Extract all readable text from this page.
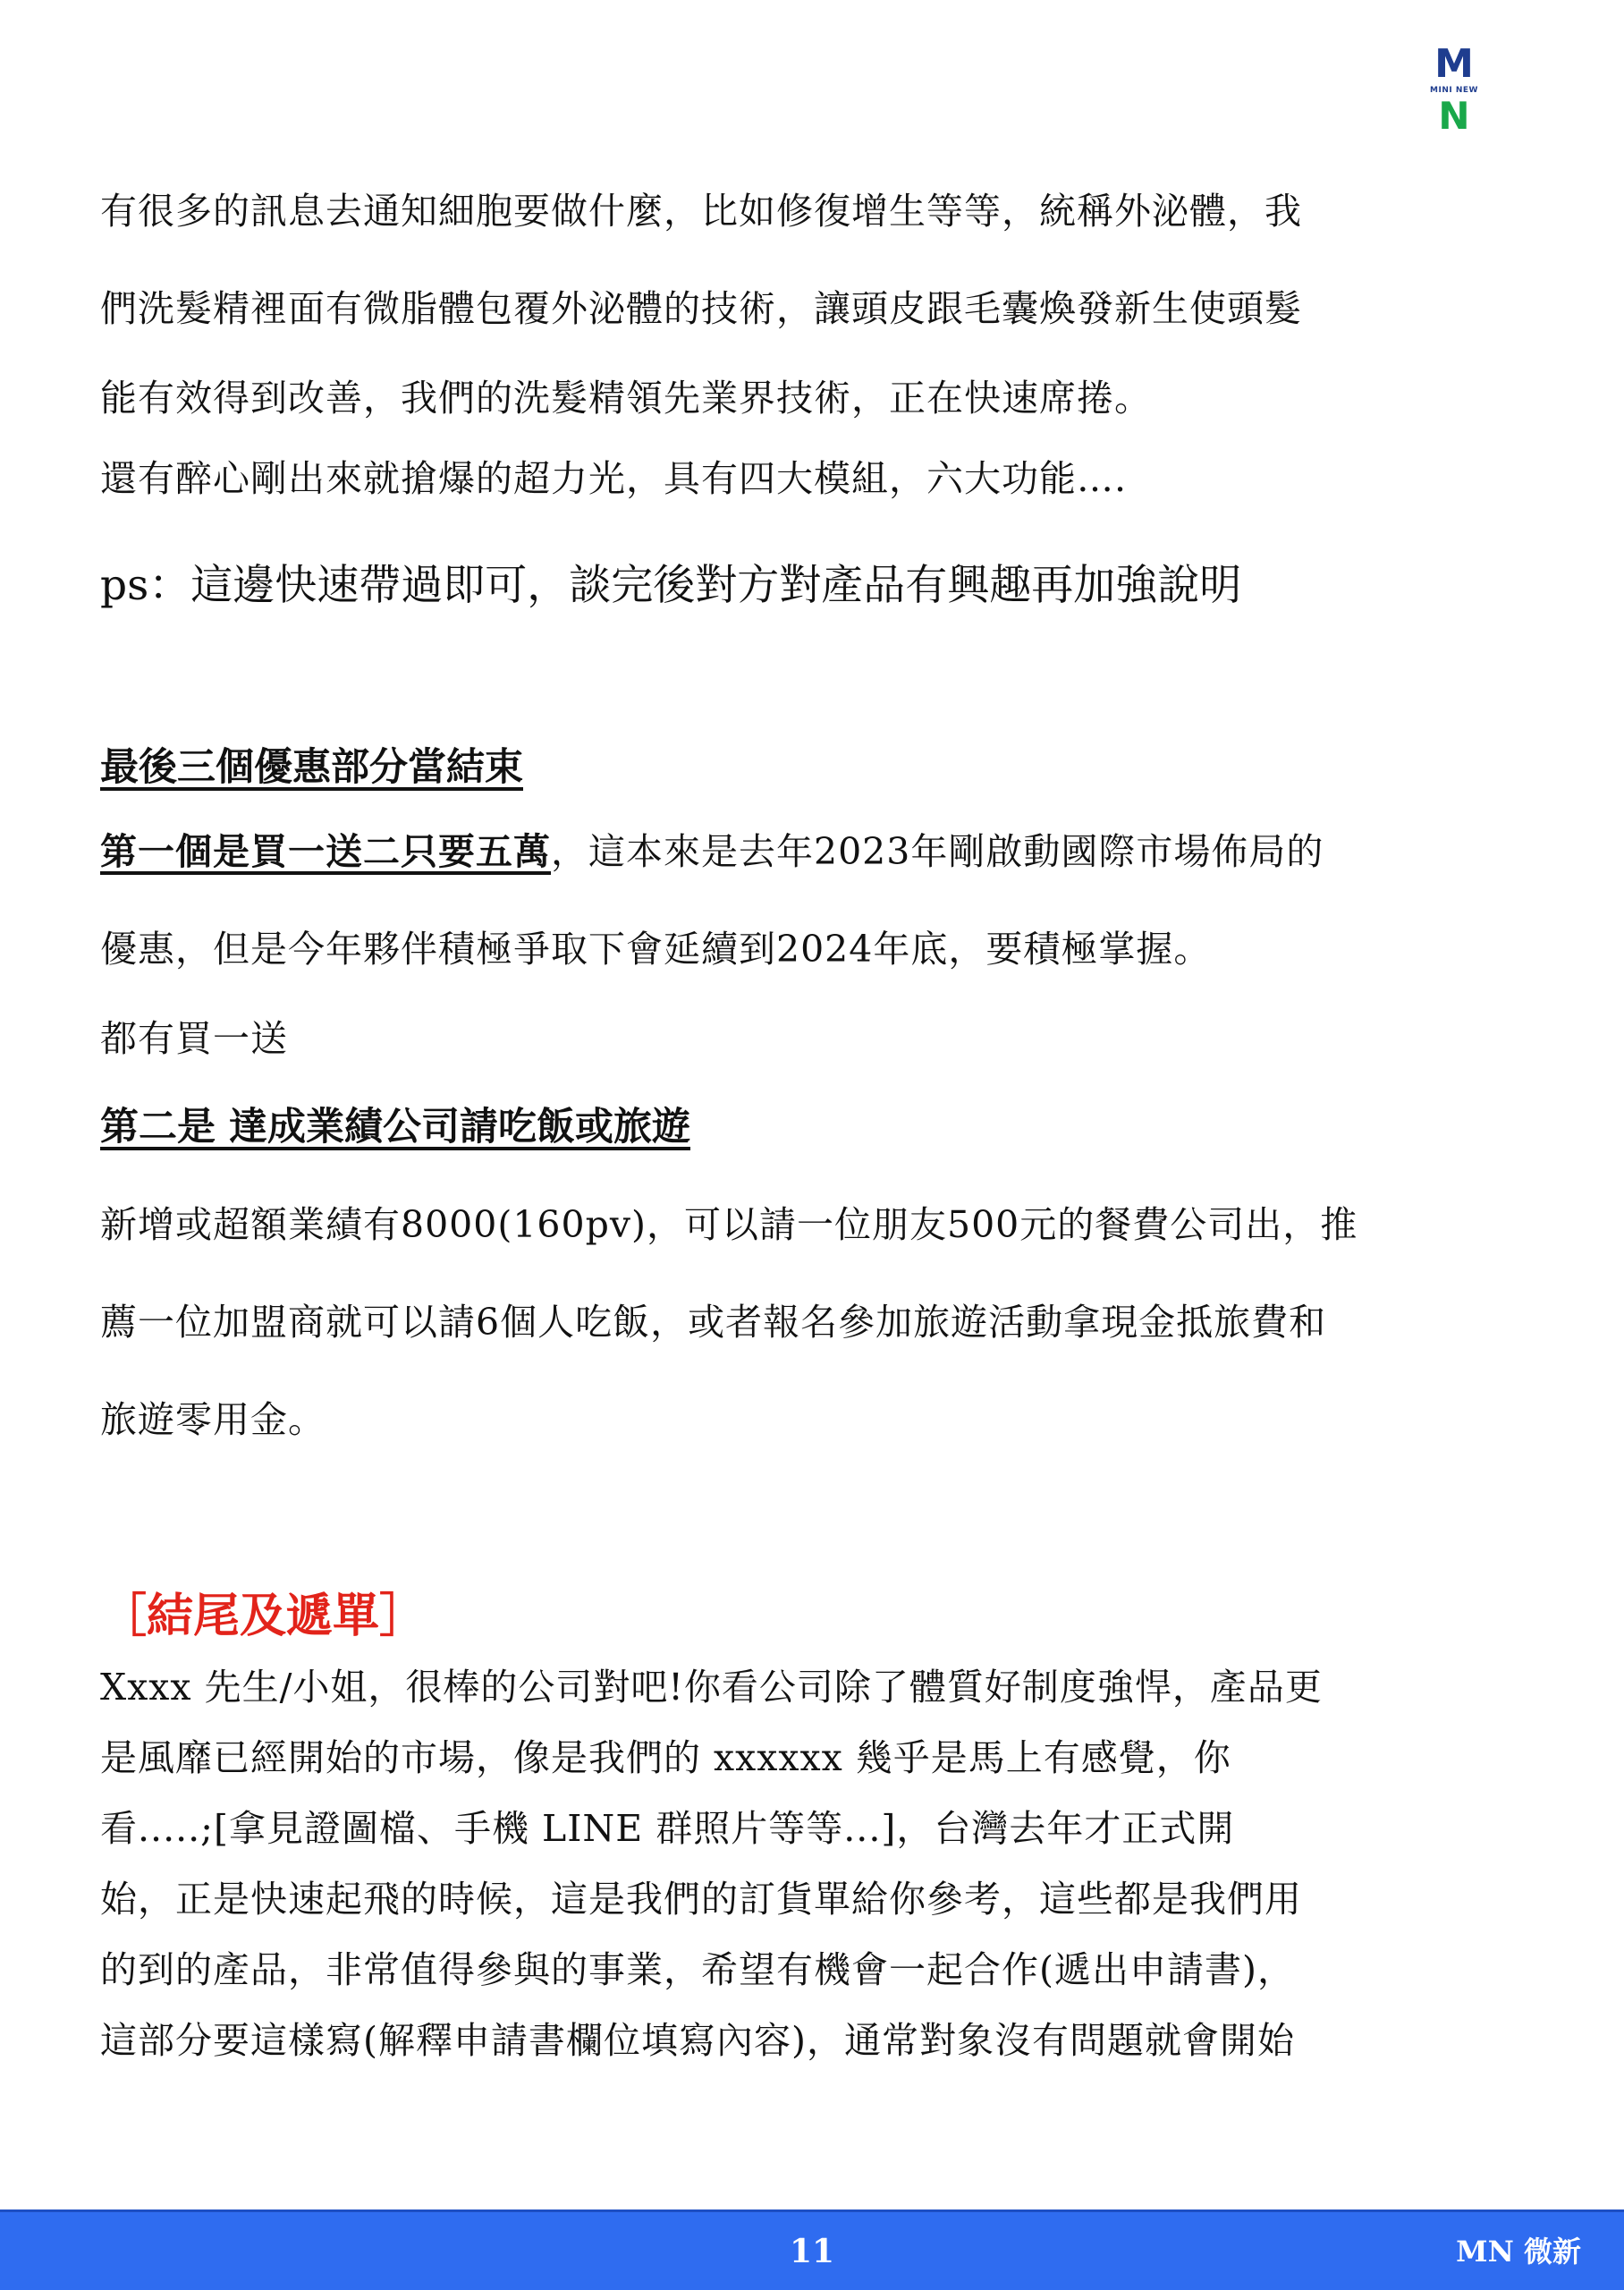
M
MINI NEW
N

有很多的訊息去通知細胞要做什麼，比如修復增生等等，統稱外泌體，我

們洗髮精裡面有微脂體包覆外泌體的技術，讓頭皮跟毛囊煥發新生使頭髮

能有效得到改善，我們的洗髮精領先業界技術，正在快速席捲。

還有醉心剛出來就搶爆的超力光，具有四大模組，六大功能….

ps：這邊快速帶過即可，談完後對方對產品有興趣再加強說明

最後三個優惠部分當結束

第一個是買一送二只要五萬，這本來是去年2023年剛啟動國際市場佈局的

優惠，但是今年夥伴積極爭取下會延續到2024年底，要積極掌握。

都有買一送

第二是 達成業績公司請吃飯或旅遊

新增或超額業績有8000(160pv)，可以請一位朋友500元的餐費公司出，推

薦一位加盟商就可以請6個人吃飯，或者報名參加旅遊活動拿現金抵旅費和

旅遊零用金。

［結尾及遞單］

Xxxx 先生/小姐，很棒的公司對吧!你看公司除了體質好制度強悍，產品更

是風靡已經開始的市場，像是我們的 xxxxxx 幾乎是馬上有感覺，你

看.....;[拿見證圖檔、手機 LINE 群照片等等...]，台灣去年才正式開

始，正是快速起飛的時候，這是我們的訂貨單給你參考，這些都是我們用

的到的產品，非常值得參與的事業，希望有機會一起合作(遞出申請書)，

這部分要這樣寫(解釋申請書欄位填寫內容)，通常對象沒有問題就會開始

11	MN 微新
